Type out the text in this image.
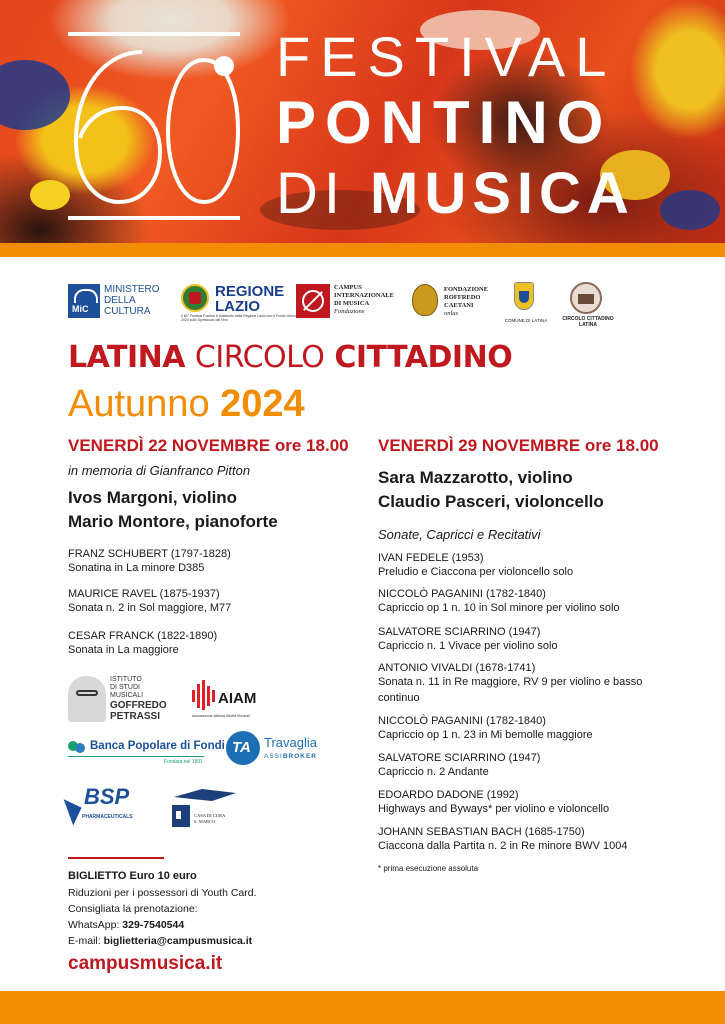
FESTIVAL
PONTINO
DI MUSICA
MiC
MINISTERO
DELLA
CULTURA
REGIONE
LAZIO
Il 60° Festival Pontino è sostenuto dalla Regione Lazio con il Fondo Unico 2024 sullo Spettacolo dal Vivo
CAMPUS
INTERNAZIONALE
DI MUSICA
Fondazione
FONDAZIONE
ROFFREDO
CAETANI
onlus
COMUNE DI LATINA	CIRCOLO CITTADINO
LATINA
LATINA CIRCOLO CITTADINO
Autunno 2024
VENERDÌ 22 NOVEMBRE ore 18.00
in memoria di Gianfranco Pitton
Ivos Margoni, violino
Mario Montore, pianoforte
FRANZ SCHUBERT (1797-1828)
Sonatina in La minore D385
MAURICE RAVEL (1875-1937)
Sonata n. 2 in Sol maggiore, M77
CESAR FRANCK (1822-1890)
Sonata in La maggiore
ISTITUTO
DI STUDI
MUSICALI
GOFFREDO
PETRASSI
AIAM
Associazione Italiana Attività Musicali
Banca Popolare di Fondi
Fondata nel 1891
TA Travaglia
ASSIBROKER
BSP
PHARMACEUTICALS	CASA DI CURA
S. MARCO
BIGLIETTO Euro 10 euro
Riduzioni per i possessori di Youth Card.
Consigliata la prenotazione:
WhatsApp: 329-7540544
E-mail: biglietteria@campusmusica.it
campusmusica.it
VENERDÌ 29 NOVEMBRE ore 18.00
Sara Mazzarotto, violino
Claudio Pasceri, violoncello
Sonate, Capricci e Recitativi
IVAN FEDELE (1953)
Preludio e Ciaccona per violoncello solo
NICCOLÒ PAGANINI (1782-1840)
Capriccio op 1 n. 10 in Sol minore per violino solo
SALVATORE SCIARRINO (1947)
Capriccio n. 1 Vivace per violino solo
ANTONIO VIVALDI (1678-1741)
Sonata n. 11 in Re maggiore, RV 9 per violino e basso continuo
NICCOLÒ PAGANINI (1782-1840)
Capriccio op 1 n. 23 in Mi bemolle maggiore
SALVATORE SCIARRINO (1947)
Capriccio n. 2 Andante
EDOARDO DADONE (1992)
Highways and Byways* per violino e violoncello
JOHANN SEBASTIAN BACH (1685-1750)
Ciaccona dalla Partita n. 2 in Re minore BWV 1004
* prima esecuzione assoluta
